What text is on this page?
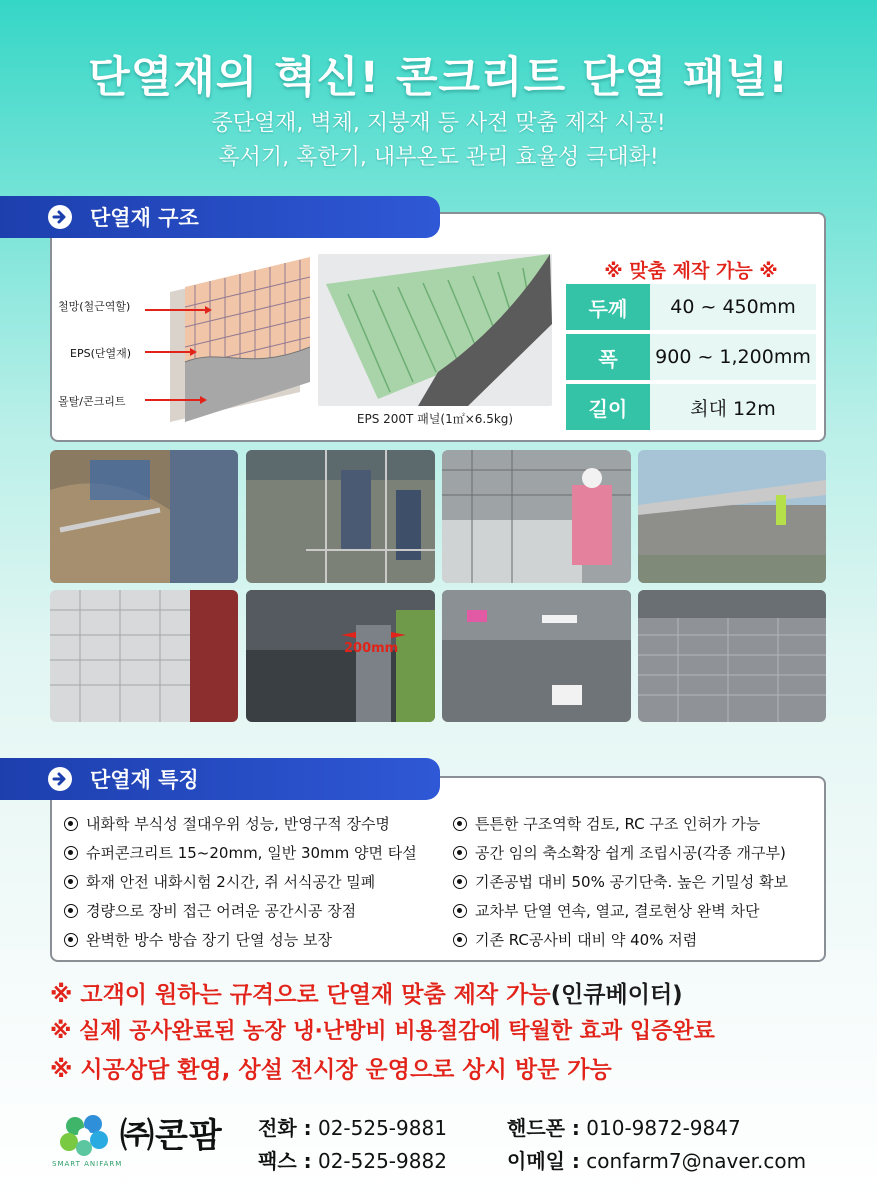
단열재의 혁신! 콘크리트 단열 패널!
중단열재, 벽체, 지붕재 등 사전 맞춤 제작 시공!
혹서기, 혹한기, 내부온도 관리 효율성 극대화!
단열재 구조
철망(철근역할)
EPS(단열재)
몰탈/콘크리트
EPS 200T 패널(1㎡×6.5kg)
※ 맞춤 제작 가능 ※
두께	40 ~ 450mm
폭	900 ~ 1,200mm
길이	최대 12m
200mm
단열재 특징
내화학 부식성 절대우위 성능, 반영구적 장수명
슈퍼콘크리트 15~20mm, 일반 30mm 양면 타설
화재 안전 내화시험 2시간, 쥐 서식공간 밀폐
경량으로 장비 접근 어려운 공간시공 장점
완벽한 방수 방습 장기 단열 성능 보장
튼튼한 구조역학 검토, RC 구조 인허가 가능
공간 임의 축소확장 쉽게 조립시공(각종 개구부)
기존공법 대비 50% 공기단축. 높은 기밀성 확보
교차부 단열 연속, 열교, 결로현상 완벽 차단
기존 RC공사비 대비 약 40% 저렴
※ 고객이 원하는 규격으로 단열재 맞춤 제작 가능(인큐베이터)
※ 실제 공사완료된 농장 냉·난방비 비용절감에 탁월한 효과 입증완료
※ 시공상담 환영, 상설 전시장 운영으로 상시 방문 가능
SMART ANIFARM
㈜콘팜 전화 : 02-525-9881
팩스 : 02-525-9882
핸드폰 : 010-9872-9847
이메일 : confarm7@naver.com
